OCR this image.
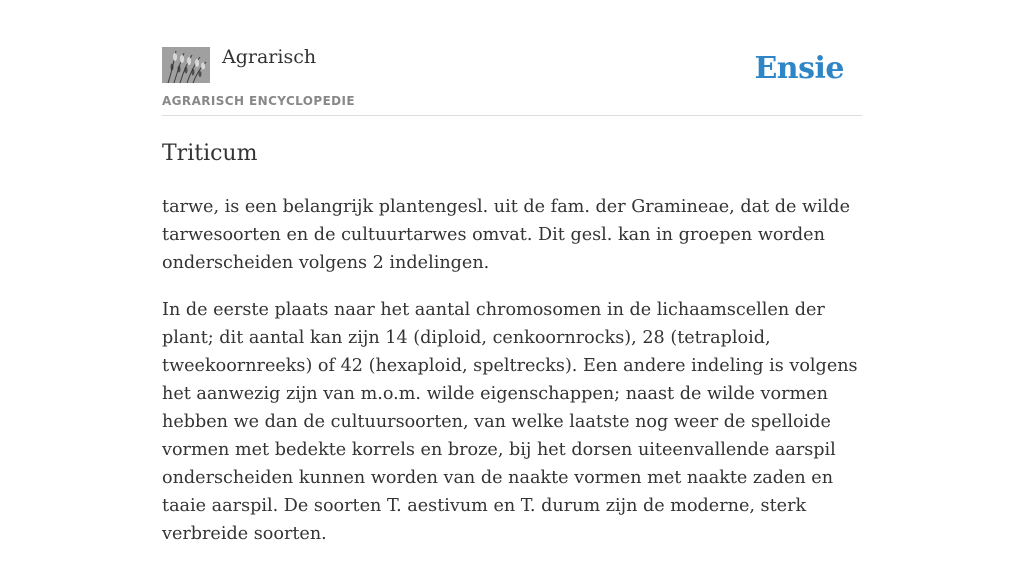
Agrarisch
AGRARISCH ENCYCLOPEDIE
Ensie
Triticum

tarwe, is een belangrijk plantengesl. uit de fam. der Gramineae, dat de wilde tarwesoorten en de cultuurtarwes omvat. Dit gesl. kan in groepen worden onderscheiden volgens 2 indelingen.

In de eerste plaats naar het aantal chromosomen in de lichaamscellen der plant; dit aantal kan zijn 14 (diploid, cenkoornrocks), 28 (tetraploid, tweekoornreeks) of 42 (hexaploid, speltrecks). Een andere indeling is volgens het aanwezig zijn van m.o.m. wilde eigenschappen; naast de wilde vormen hebben we dan de cultuursoorten, van welke laatste nog weer de spelloide vormen met bedekte korrels en broze, bij het dorsen uiteenvallende aarspil onderscheiden kunnen worden van de naakte vormen met naakte zaden en taaie aarspil. De soorten T. aestivum en T. durum zijn de moderne, sterk verbreide soorten.
